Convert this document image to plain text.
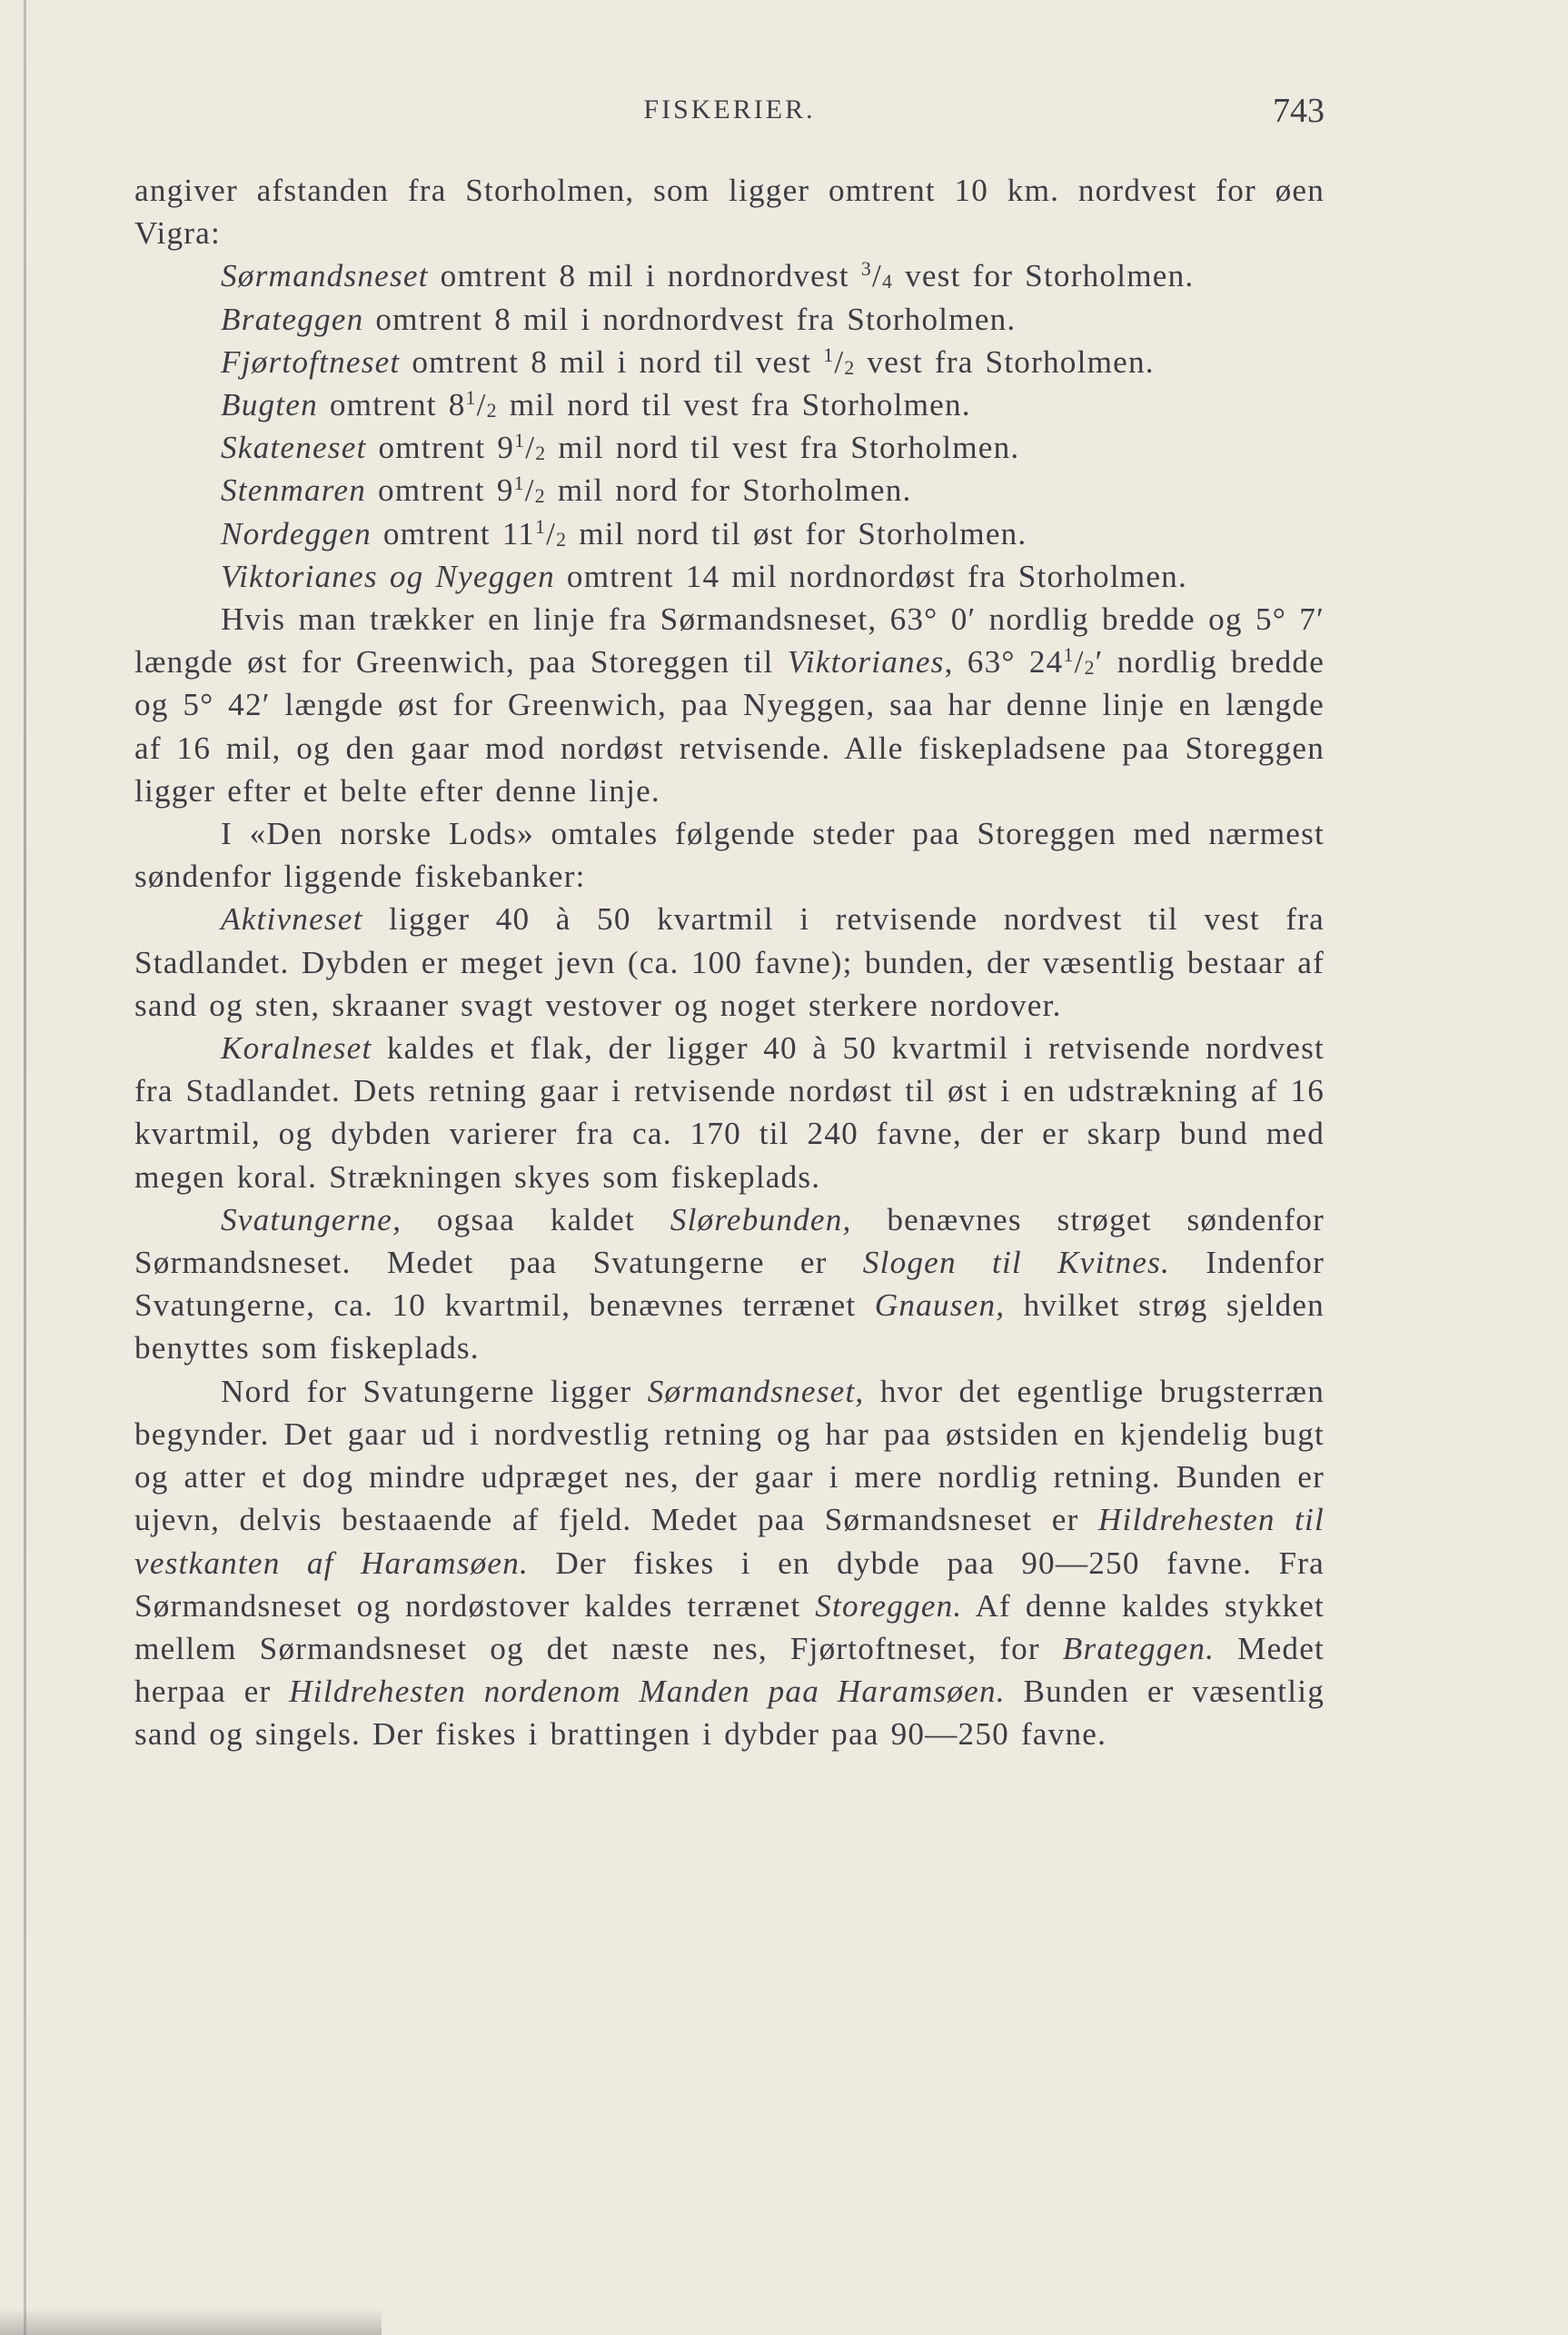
FISKERIER.	743

angiver afstanden fra Storholmen, som ligger omtrent 10 km. nordvest for øen Vigra:

Sørmandsneset omtrent 8 mil i nordnordvest $^3/_4$ vest for Storholmen.

Brateggen omtrent 8 mil i nordnordvest fra Storholmen.

Fjørtoftneset omtrent 8 mil i nord til vest $^1/_2$ vest fra Storholmen.

Bugten omtrent $8^1/_2$ mil nord til vest fra Storholmen.

Skateneset omtrent $9^1/_2$ mil nord til vest fra Storholmen.

Stenmaren omtrent $9^1/_2$ mil nord for Storholmen.

Nordeggen omtrent $11^1/_2$ mil nord til øst for Storholmen.

Viktorianes og Nyeggen omtrent 14 mil nordnordøst fra Storholmen.

Hvis man trækker en linje fra Sørmandsneset, 63° 0′ nordlig bredde og 5° 7′ længde øst for Greenwich, paa Storeggen til Viktorianes, 63° $24^1/_2'$ nordlig bredde og 5° 42′ længde øst for Greenwich, paa Nyeggen, saa har denne linje en længde af 16 mil, og den gaar mod nordøst retvisende. Alle fiskepladsene paa Storeggen ligger efter et belte efter denne linje.

I «Den norske Lods» omtales følgende steder paa Storeggen med nærmest søndenfor liggende fiskebanker:

Aktivneset ligger 40 à 50 kvartmil i retvisende nordvest til vest fra Stadlandet. Dybden er meget jevn (ca. 100 favne); bunden, der væsentlig bestaar af sand og sten, skraaner svagt vestover og noget sterkere nordover.

Koralneset kaldes et flak, der ligger 40 à 50 kvartmil i retvisende nordvest fra Stadlandet. Dets retning gaar i retvisende nordøst til øst i en udstrækning af 16 kvartmil, og dybden varierer fra ca. 170 til 240 favne, der er skarp bund med megen koral. Strækningen skyes som fiskeplads.

Svatungerne, ogsaa kaldet Slørebunden, benævnes strøget søndenfor Sørmandsneset. Medet paa Svatungerne er Slogen til Kvitnes. Indenfor Svatungerne, ca. 10 kvartmil, benævnes terrænet Gnausen, hvilket strøg sjelden benyttes som fiskeplads.

Nord for Svatungerne ligger Sørmandsneset, hvor det egentlige brugsterræn begynder. Det gaar ud i nordvestlig retning og har paa østsiden en kjendelig bugt og atter et dog mindre udpræget nes, der gaar i mere nordlig retning. Bunden er ujevn, delvis bestaaende af fjeld. Medet paa Sørmandsneset er Hildrehesten til vestkanten af Haramsøen. Der fiskes i en dybde paa 90—250 favne. Fra Sørmandsneset og nordøstover kaldes terrænet Storeggen. Af denne kaldes stykket mellem Sørmandsneset og det næste nes, Fjørtoftneset, for Brateggen. Medet herpaa er Hildrehesten nordenom Manden paa Haramsøen. Bunden er væsentlig sand og singels. Der fiskes i brattingen i dybder paa 90—250 favne.
